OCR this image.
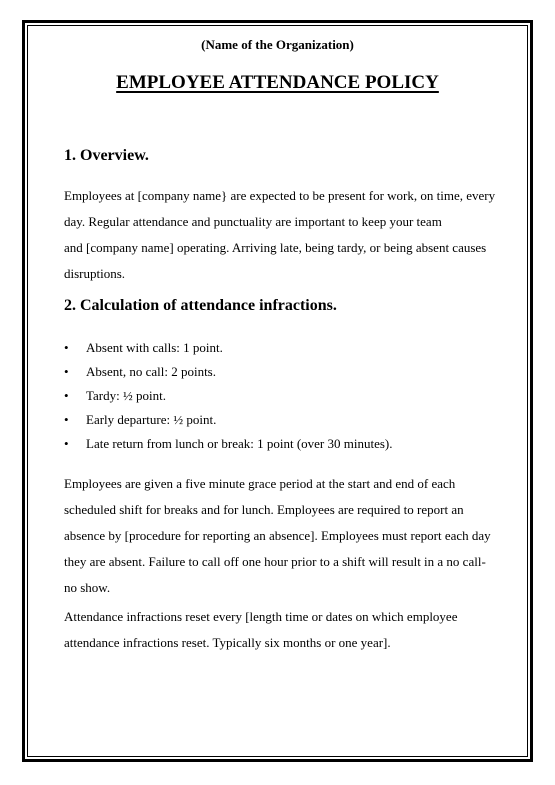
(Name of the Organization)
EMPLOYEE ATTENDANCE POLICY
1. Overview.
Employees at [company name} are expected to be present for work, on time, every
day. Regular attendance and punctuality are important to keep your team
and [company name] operating. Arriving late, being tardy, or being absent causes
disruptions.
2. Calculation of attendance infractions.
• Absent with calls: 1 point.
• Absent, no call: 2 points.
• Tardy: ½ point.
• Early departure: ½ point.
• Late return from lunch or break: 1 point (over 30 minutes).
Employees are given a five minute grace period at the start and end of each
scheduled shift for breaks and for lunch. Employees are required to report an
absence by [procedure for reporting an absence]. Employees must report each day
they are absent. Failure to call off one hour prior to a shift will result in a no call-
no show.
Attendance infractions reset every [length time or dates on which employee
attendance infractions reset. Typically six months or one year].
